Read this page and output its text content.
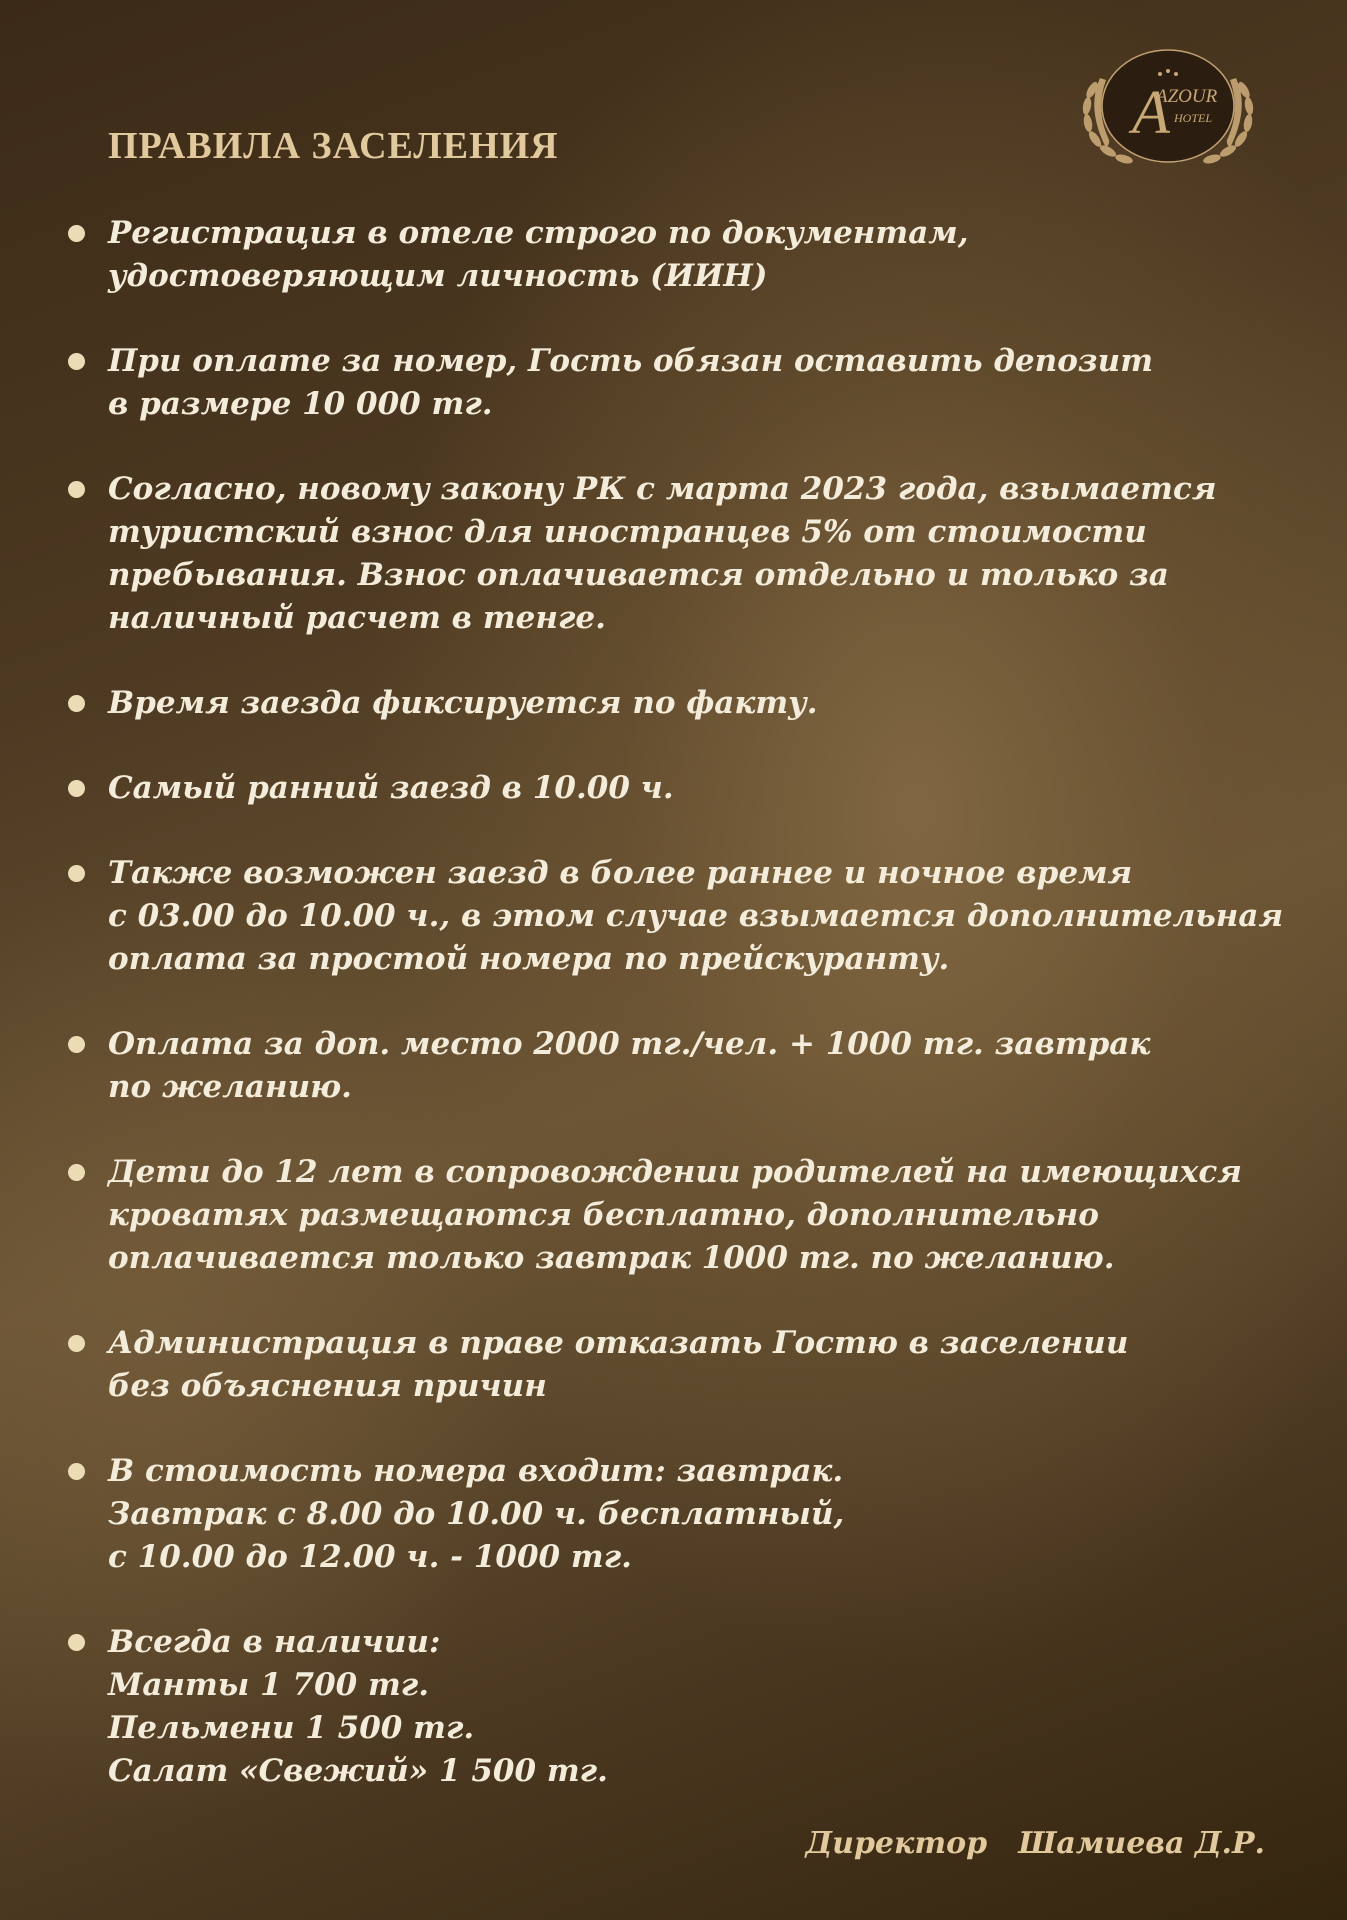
A
AZOUR
HOTEL
ПРАВИЛА ЗАСЕЛЕНИЯ
Регистрация в отеле строго по документам,
удостоверяющим личность (ИИН)
При оплате за номер, Гость обязан оставить депозит
в размере 10 000 тг.
Согласно, новому закону РК с марта 2023 года, взымается
туристский взнос для иностранцев 5% от стоимости
пребывания. Взнос оплачивается отдельно и только за
наличный расчет в тенге.
Время заезда фиксируется по факту.
Самый ранний заезд в 10.00 ч.
Также возможен заезд в более раннее и ночное время
с 03.00 до 10.00 ч., в этом случае взымается дополнительная
оплата за простой номера по прейскуранту.
Оплата за доп. место 2000 тг./чел. + 1000 тг. завтрак
по желанию.
Дети до 12 лет в сопровождении родителей на имеющихся
кроватях размещаются бесплатно, дополнительно
оплачивается только завтрак 1000 тг. по желанию.
Администрация в праве отказать Гостю в заселении
без объяснения причин
В стоимость номера входит: завтрак.
Завтрак с 8.00 до 10.00 ч. бесплатный,
с 10.00 до 12.00 ч. - 1000 тг.
Всегда в наличии:
Манты 1 700 тг.
Пельмени 1 500 тг.
Салат «Свежий» 1 500 тг.
Директор   Шамиева Д.Р.
